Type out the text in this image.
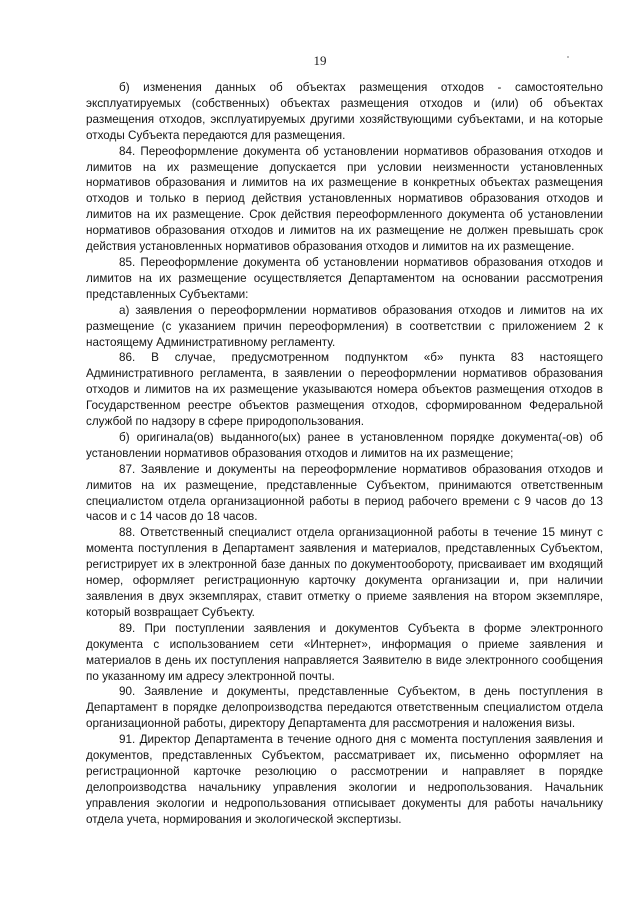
19

б) изменения данных об объектах размещения отходов - самостоятельно эксплуатируемых (собственных) объектах размещения отходов и (или) об объектах размещения отходов, эксплуатируемых другими хозяйствующими субъектами, и на которые отходы Субъекта передаются для размещения.

84. Переоформление документа об установлении нормативов образования отходов и лимитов на их размещение допускается при условии неизменности установленных нормативов образования и лимитов на их размещение в конкретных объектах размещения отходов и только в период действия установленных нормативов образования отходов и лимитов на их размещение. Срок действия переоформленного документа об установлении нормативов образования отходов и лимитов на их размещение не должен превышать срок действия установленных нормативов образования отходов и лимитов на их размещение.

85. Переоформление документа об установлении нормативов образования отходов и лимитов на их размещение осуществляется Департаментом на основании рассмотрения представленных Субъектами:

а) заявления о переоформлении нормативов образования отходов и лимитов на их размещение (с указанием причин переоформления) в соответствии с приложением 2 к настоящему Административному регламенту.

86. В случае, предусмотренном подпунктом «б» пункта 83 настоящего Административного регламента, в заявлении о переоформлении нормативов образования отходов и лимитов на их размещение указываются номера объектов размещения отходов в Государственном реестре объектов размещения отходов, сформированном Федеральной службой по надзору в сфере природопользования.

б) оригинала(ов) выданного(ых) ранее в установленном порядке документа(-ов) об установлении нормативов образования отходов и лимитов на их размещение;

87. Заявление и документы на переоформление нормативов образования отходов и лимитов на их размещение, представленные Субъектом, принимаются ответственным специалистом отдела организационной работы в период рабочего времени с 9 часов до 13 часов и с 14 часов до 18 часов.

88. Ответственный специалист отдела организационной работы в течение 15 минут с момента поступления в Департамент заявления и материалов, представленных Субъектом, регистрирует их в электронной базе данных по документообороту, присваивает им входящий номер, оформляет регистрационную карточку документа организации и, при наличии заявления в двух экземплярах, ставит отметку о приеме заявления на втором экземпляре, который возвращает Субъекту.

89. При поступлении заявления и документов Субъекта в форме электронного документа с использованием сети «Интернет», информация о приеме заявления и материалов в день их поступления направляется Заявителю в виде электронного сообщения по указанному им адресу электронной почты.

90. Заявление и документы, представленные Субъектом, в день поступления в Департамент в порядке делопроизводства передаются ответственным специалистом отдела организационной работы, директору Департамента для рассмотрения и наложения визы.

91. Директор Департамента в течение одного дня с момента поступления заявления и документов, представленных Субъектом, рассматривает их, письменно оформляет на регистрационной карточке резолюцию о рассмотрении и направляет в порядке делопроизводства начальнику управления экологии и недропользования. Начальник управления экологии и недропользования отписывает документы для работы начальнику отдела учета, нормирования и экологической экспертизы.
